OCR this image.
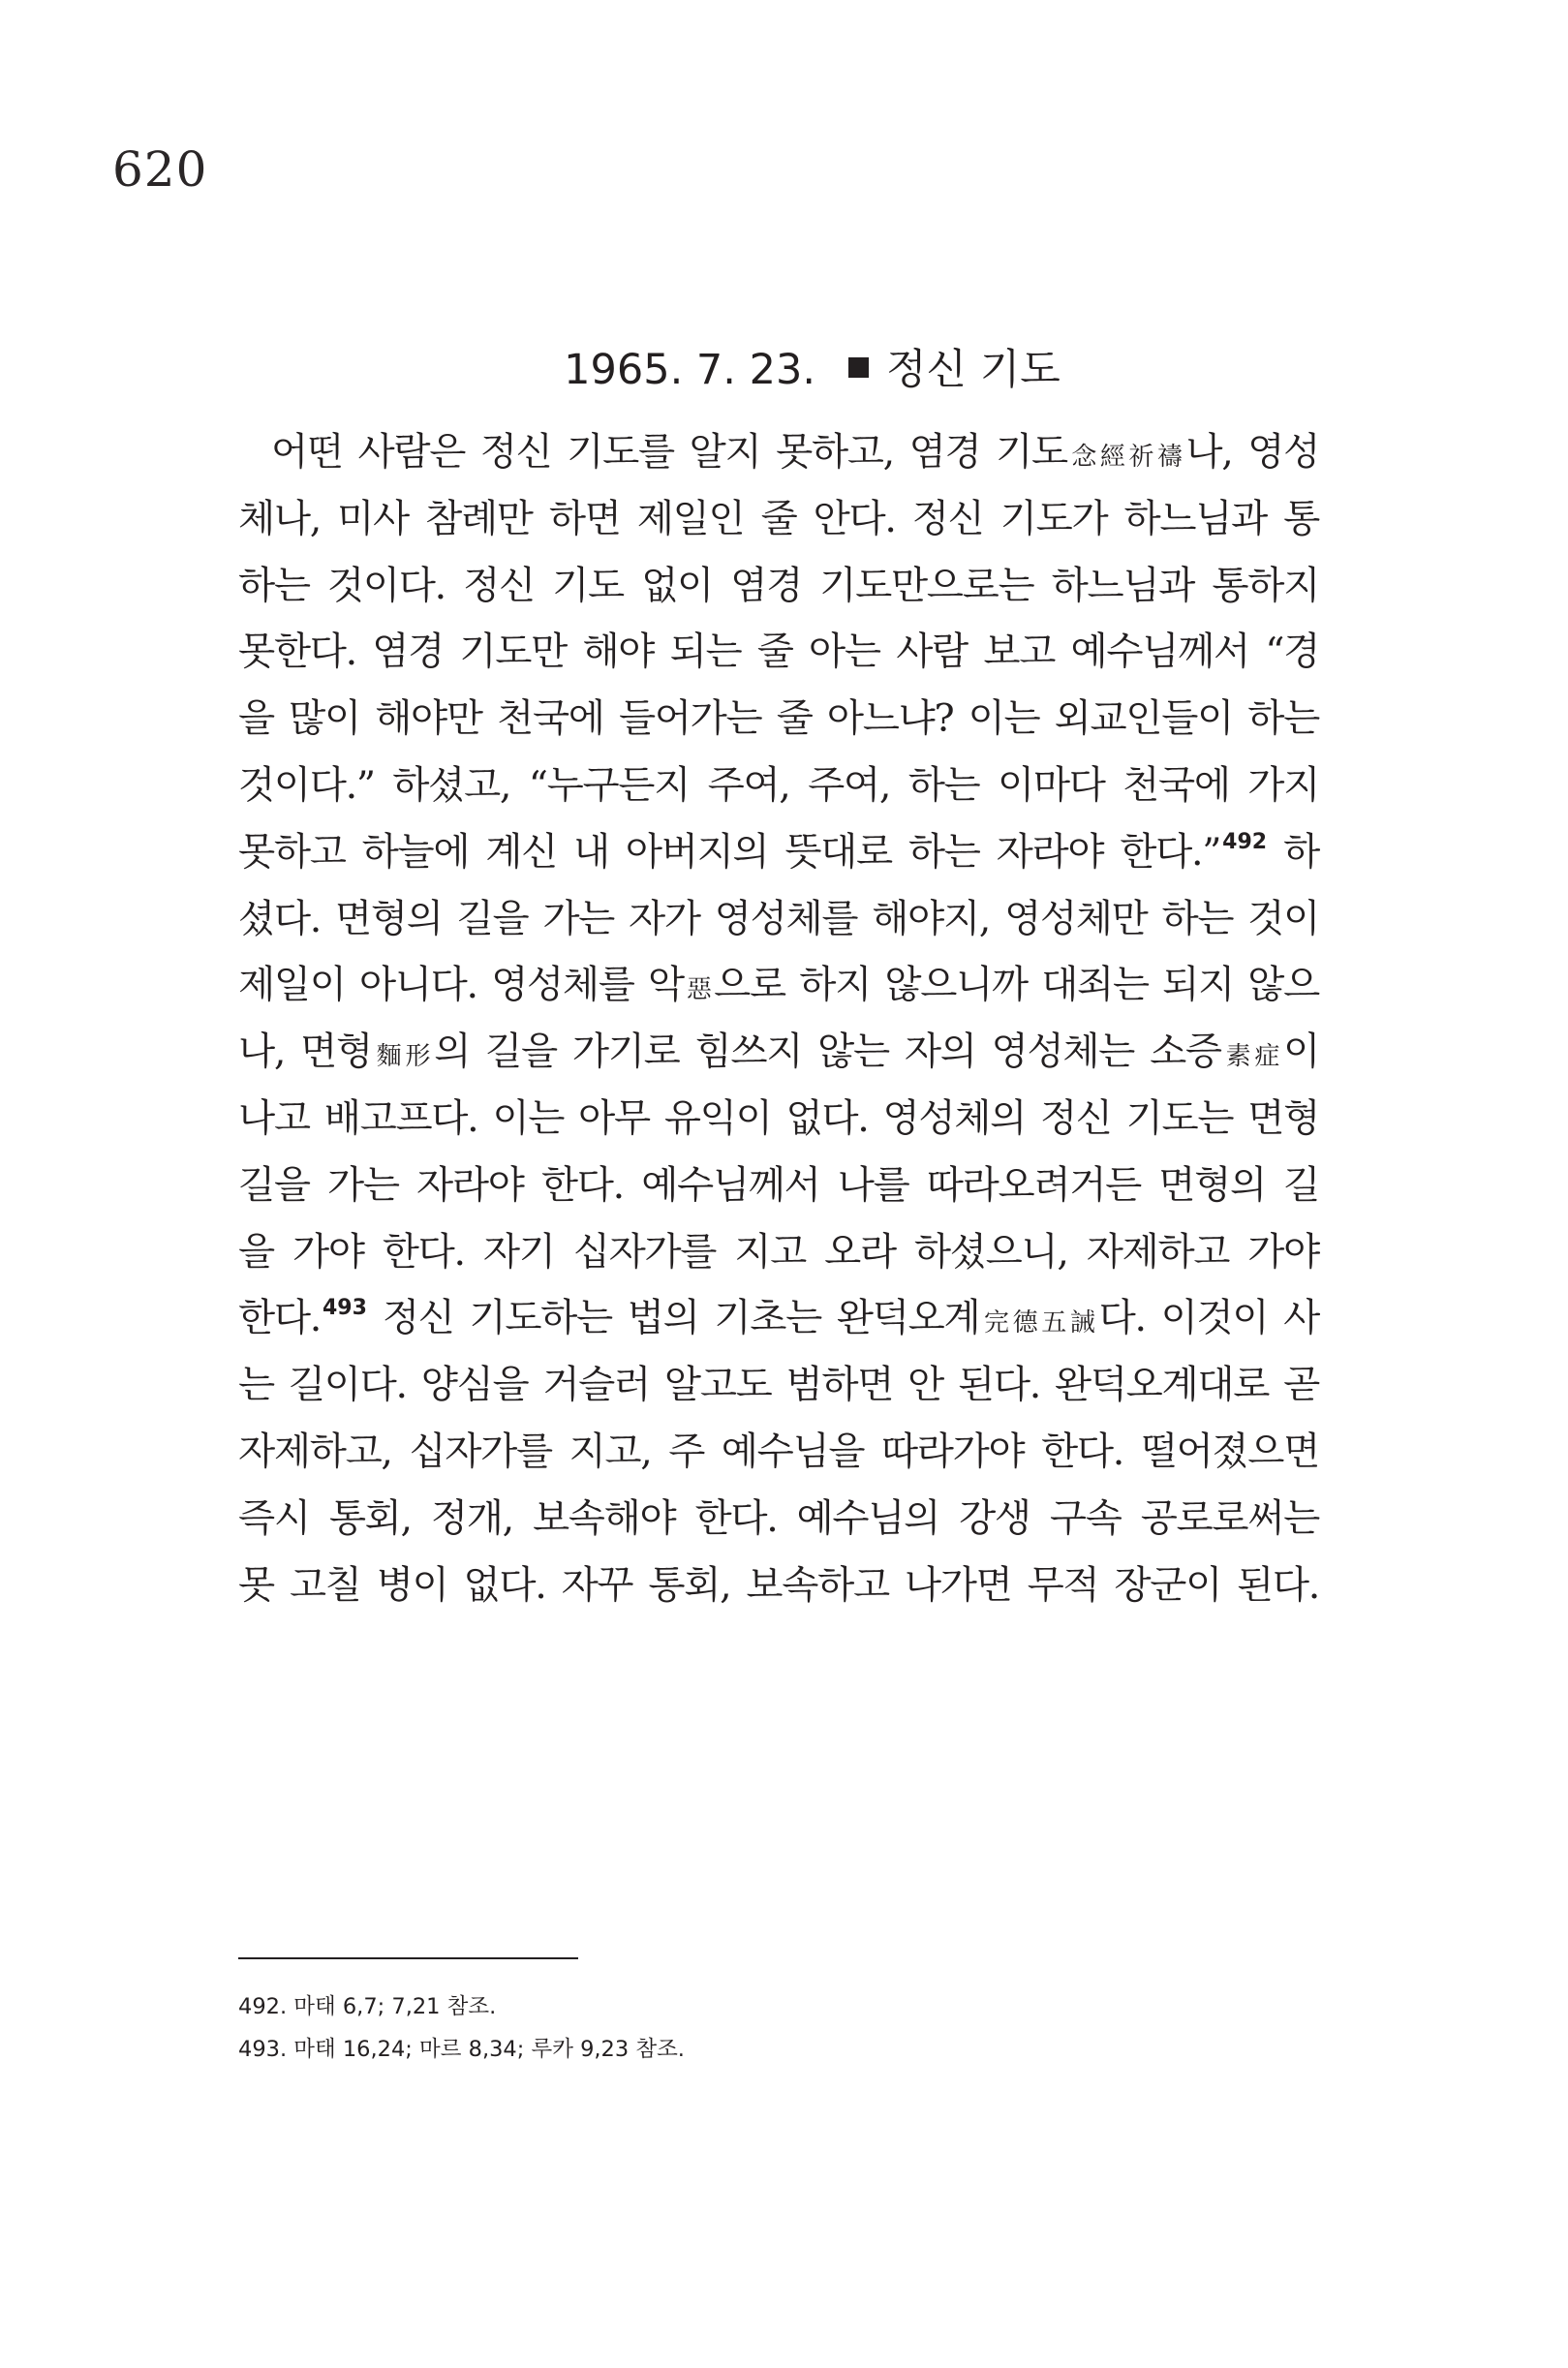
620
1965. 7. 23. 정신 기도
어떤 사람은 정신 기도를 알지 못하고, 염경 기도念經祈禱나, 영성
체나, 미사 참례만 하면 제일인 줄 안다. 정신 기도가 하느님과 통
하는 것이다. 정신 기도 없이 염경 기도만으로는 하느님과 통하지
못한다. 염경 기도만 해야 되는 줄 아는 사람 보고 예수님께서 “경
을 많이 해야만 천국에 들어가는 줄 아느냐? 이는 외교인들이 하는
것이다.” 하셨고, “누구든지 주여, 주여, 하는 이마다 천국에 가지
못하고 하늘에 계신 내 아버지의 뜻대로 하는 자라야 한다.”$^{492}$ 하
셨다. 면형의 길을 가는 자가 영성체를 해야지, 영성체만 하는 것이
제일이 아니다. 영성체를 악惡으로 하지 않으니까 대죄는 되지 않으
나, 면형麵形의 길을 가기로 힘쓰지 않는 자의 영성체는 소증素症이
나고 배고프다. 이는 아무 유익이 없다. 영성체의 정신 기도는 면형
길을 가는 자라야 한다. 예수님께서 나를 따라오려거든 면형의 길
을 가야 한다. 자기 십자가를 지고 오라 하셨으니, 자제하고 가야
한다.$^{493}$ 정신 기도하는 법의 기초는 완덕오계完德五誡다. 이것이 사
는 길이다. 양심을 거슬러 알고도 범하면 안 된다. 완덕오계대로 곧
자제하고, 십자가를 지고, 주 예수님을 따라가야 한다. 떨어졌으면
즉시 통회, 정개, 보속해야 한다. 예수님의 강생 구속 공로로써는
못 고칠 병이 없다. 자꾸 통회, 보속하고 나가면 무적 장군이 된다.
492. 마태 6,7; 7,21 참조.
493. 마태 16,24; 마르 8,34; 루카 9,23 참조.
